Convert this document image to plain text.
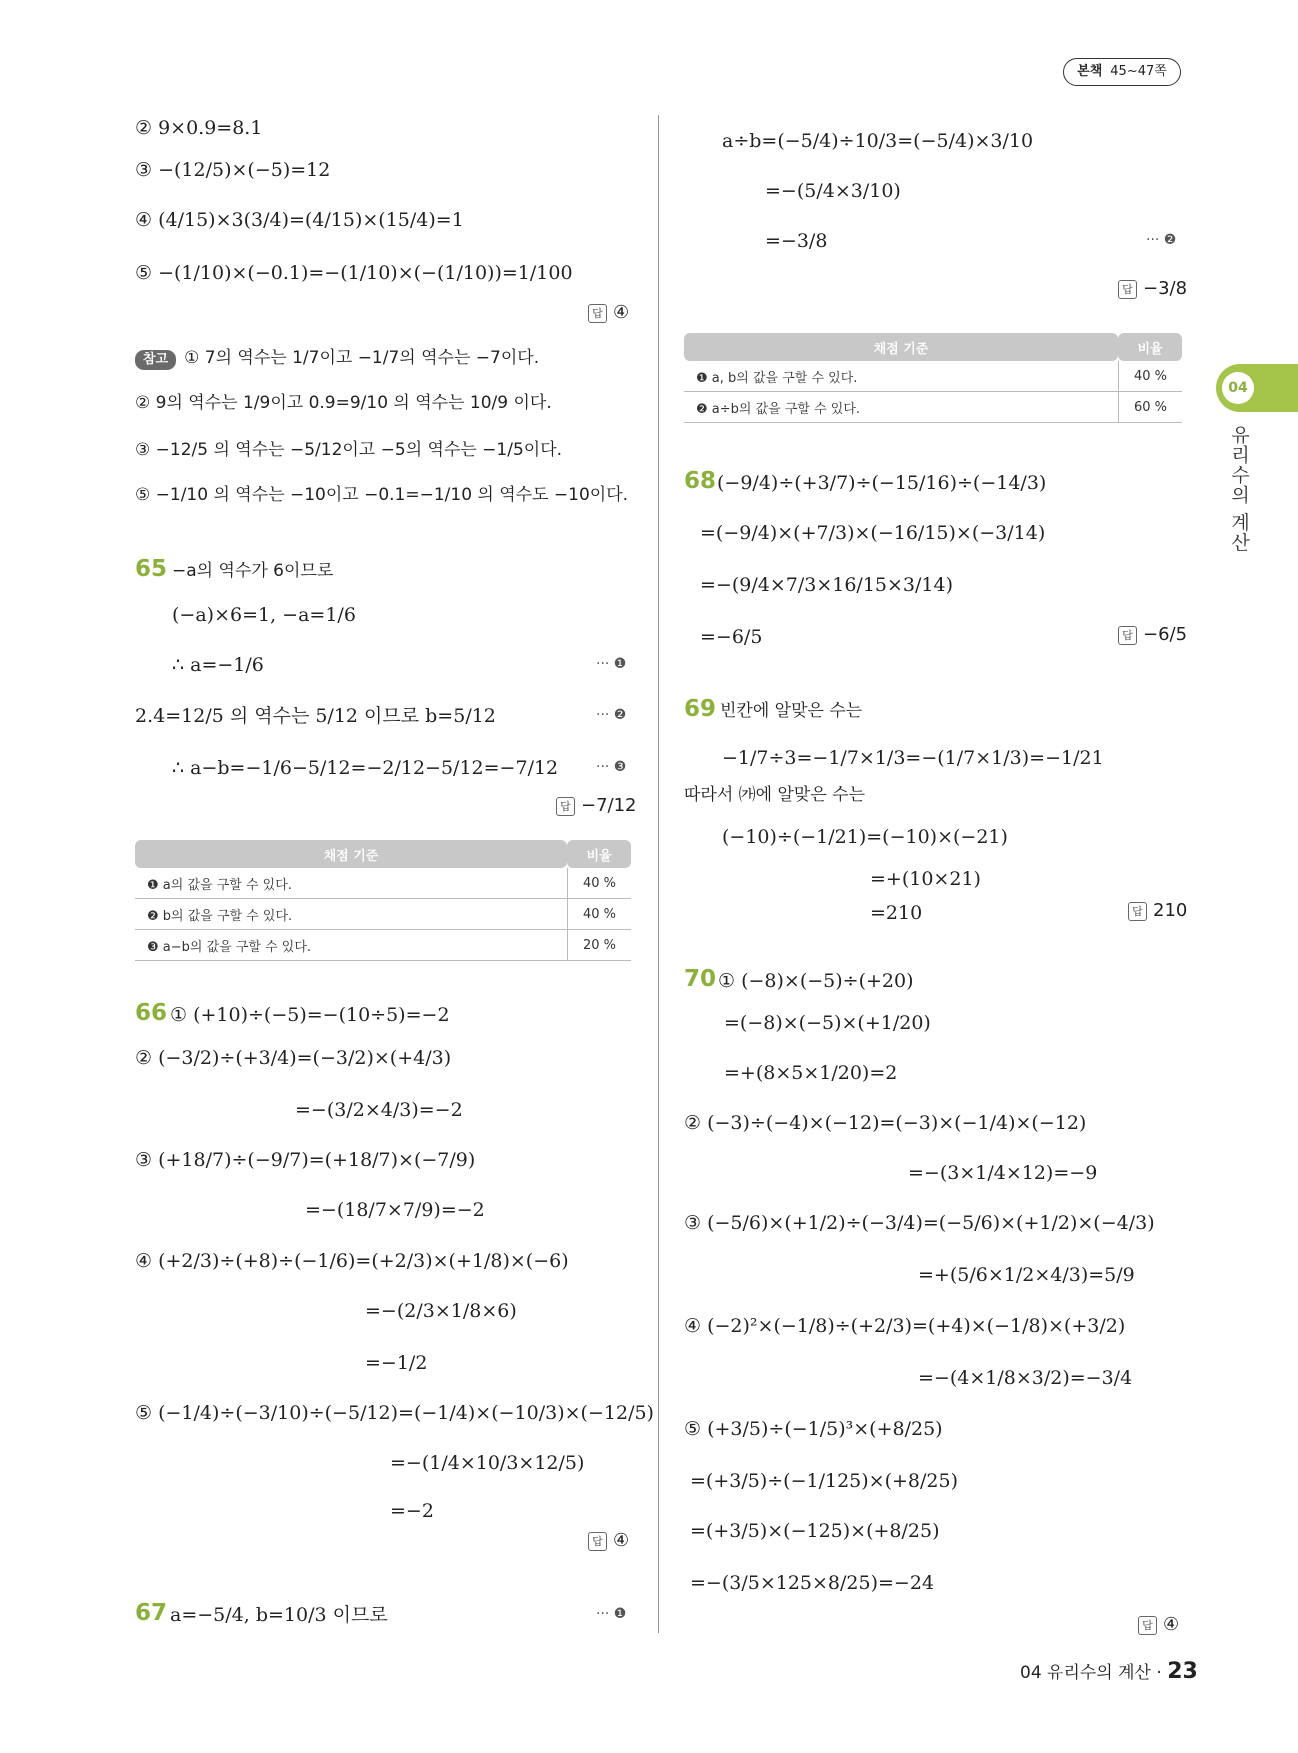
본책 45~47쪽
04
유리수의 계산
② 9×0.9=8.1
③ −(12/5)×(−5)=12
④ (4/15)×3(3/4)=(4/15)×(15/4)=1
⑤ −(1/10)×(−0.1)=−(1/10)×(−(1/10))=1/100
답 ④
참고 ① 7의 역수는 1/7이고 −1/7의 역수는 −7이다.
② 9의 역수는 1/9이고 0.9=9/10 의 역수는 10/9 이다.
③ −12/5 의 역수는 −5/12이고 −5의 역수는 −1/5이다.
⑤ −1/10 의 역수는 −10이고 −0.1=−1/10 의 역수도 −10이다.
65 −a의 역수가 6이므로
(−a)×6=1, −a=1/6
∴ a=−1/6	··· ❶
2.4=12/5 의 역수는 5/12 이므로 b=5/12	··· ❷
∴ a−b=−1/6−5/12=−2/12−5/12=−7/12	··· ❸
답 −7/12
채점 기준	비율
❶ a의 값을 구할 수 있다.	40 %
❷ b의 값을 구할 수 있다.	40 %
❸ a−b의 값을 구할 수 있다.	20 %
66 ① (+10)÷(−5)=−(10÷5)=−2
② (−3/2)÷(+3/4)=(−3/2)×(+4/3)
=−(3/2×4/3)=−2
③ (+18/7)÷(−9/7)=(+18/7)×(−7/9)
=−(18/7×7/9)=−2
④ (+2/3)÷(+8)÷(−1/6)=(+2/3)×(+1/8)×(−6)
=−(2/3×1/8×6)
=−1/2
⑤ (−1/4)÷(−3/10)÷(−5/12)=(−1/4)×(−10/3)×(−12/5)
=−(1/4×10/3×12/5)
=−2
답 ④
67 a=−5/4, b=10/3 이므로	··· ❶
a÷b=(−5/4)÷10/3=(−5/4)×3/10
=−(5/4×3/10)
=−3/8	··· ❷
답 −3/8
채점 기준	비율
❶ a, b의 값을 구할 수 있다.	40 %
❷ a÷b의 값을 구할 수 있다.	60 %
68 (−9/4)÷(+3/7)÷(−15/16)÷(−14/3)
=(−9/4)×(+7/3)×(−16/15)×(−3/14)
=−(9/4×7/3×16/15×3/14)
=−6/5	답 −6/5
69 빈칸에 알맞은 수는
−1/7÷3=−1/7×1/3=−(1/7×1/3)=−1/21
따라서 ㈎에 알맞은 수는
(−10)÷(−1/21)=(−10)×(−21)
=+(10×21)
=210	답 210
70 ① (−8)×(−5)÷(+20)
=(−8)×(−5)×(+1/20)
=+(8×5×1/20)=2
② (−3)÷(−4)×(−12)=(−3)×(−1/4)×(−12)
=−(3×1/4×12)=−9
③ (−5/6)×(+1/2)÷(−3/4)=(−5/6)×(+1/2)×(−4/3)
=+(5/6×1/2×4/3)=5/9
④ (−2)²×(−1/8)÷(+2/3)=(+4)×(−1/8)×(+3/2)
=−(4×1/8×3/2)=−3/4
⑤ (+3/5)÷(−1/5)³×(+8/25)
=(+3/5)÷(−1/125)×(+8/25)
=(+3/5)×(−125)×(+8/25)
=−(3/5×125×8/25)=−24
답 ④
04 유리수의 계산 · 23
